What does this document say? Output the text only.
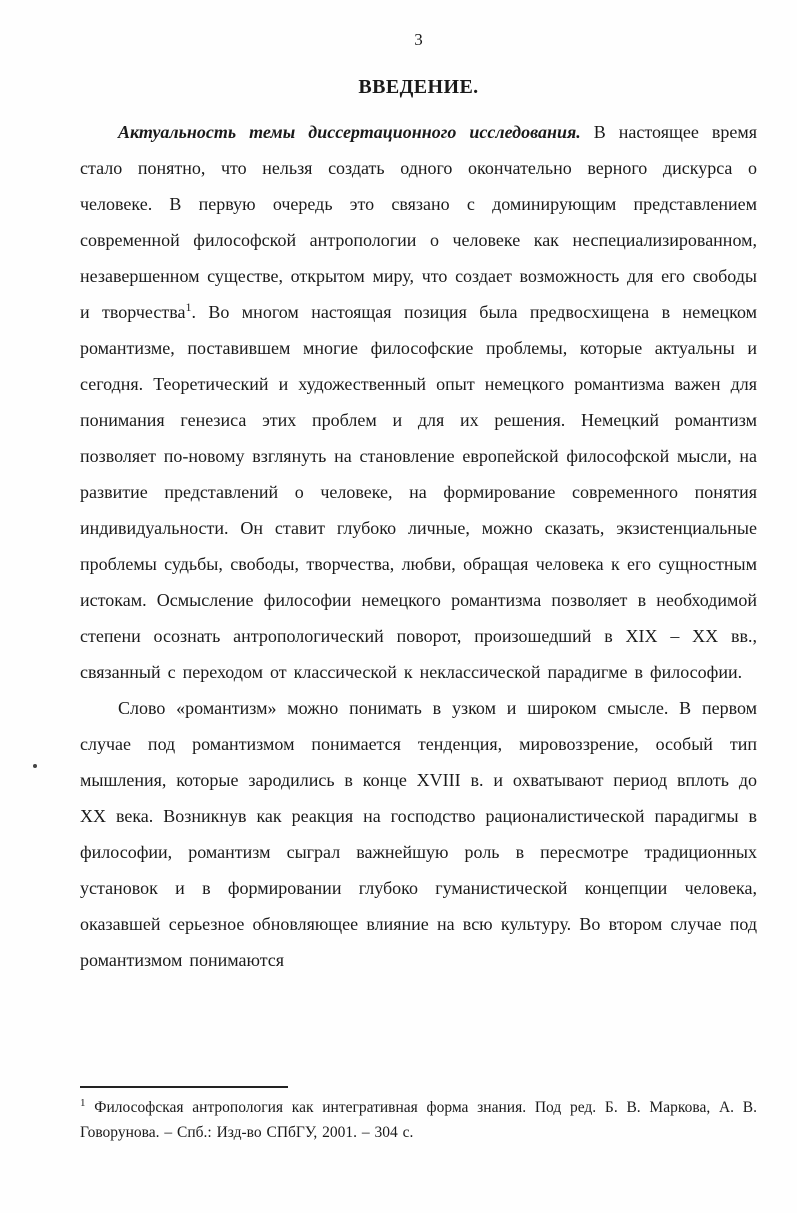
3
ВВЕДЕНИЕ.

Актуальность темы диссертационного исследования. В настоящее время стало понятно, что нельзя создать одного окончательно верного дискурса о человеке. В первую очередь это связано с доминирующим представлением современной философской антропологии о человеке как неспециализированном, незавершенном существе, открытом миру, что создает возможность для его свободы и творчества$^1$. Во многом настоящая позиция была предвосхищена в немецком романтизме, поставившем многие философские проблемы, которые актуальны и сегодня. Теоретический и художественный опыт немецкого романтизма важен для понимания генезиса этих проблем и для их решения. Немецкий романтизм позволяет по-новому взглянуть на становление европейской философской мысли, на развитие представлений о человеке, на формирование современного понятия индивидуальности. Он ставит глубоко личные, можно сказать, экзистенциальные проблемы судьбы, свободы, творчества, любви, обращая человека к его сущностным истокам. Осмысление философии немецкого романтизма позволяет в необходимой степени осознать антропологический поворот, произошедший в XIX – XX вв., связанный с переходом от классической к неклассической парадигме в философии.

Слово «романтизм» можно понимать в узком и широком смысле. В первом случае под романтизмом понимается тенденция, мировоззрение, особый тип мышления, которые зародились в конце XVIII в. и охватывают период вплоть до XX века. Возникнув как реакция на господство рационалистической парадигмы в философии, романтизм сыграл важнейшую роль в пересмотре традиционных установок и в формировании глубоко гуманистической концепции человека, оказавшей серьезное обновляющее влияние на всю культуру. Во втором случае под романтизмом понимаются

$^1$ Философская антропология как интегративная форма знания. Под ред. Б. В. Маркова, А. В. Говорунова. – Спб.: Изд-во СПбГУ, 2001. – 304 с.
